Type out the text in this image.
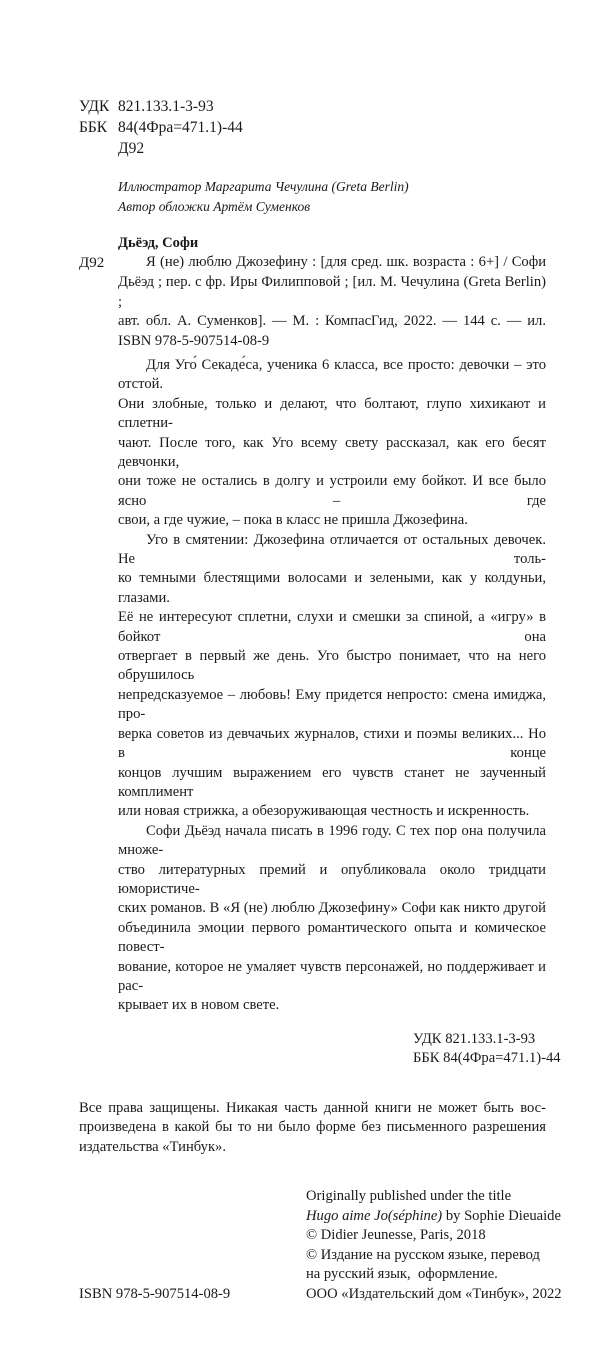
УДК 821.133.1-3-93
ББК 84(4Фра=471.1)-44
Д92
Иллюстратор Маргарита Чечулина (Greta Berlin)
Автор обложки Артём Суменков
Дьёэд, Софи
Д92	Я (не) люблю Джозефину : [для сред. шк. возраста : 6+] / Софи
Дьёэд ; пер. с фр. Иры Филипповой ; [ил. М. Чечулина (Greta Berlin) ;
авт. обл. А. Суменков]. — М. : КомпасГид, 2022. — 144 с. — ил.
ISBN 978-5-907514-08-9

Для Уго́ Секаде́са, ученика 6 класса, все просто: девочки – это отстой.
Они злобные, только и делают, что болтают, глупо хихикают и сплетни-
чают. После того, как Уго всему свету рассказал, как его бесят девчонки,
они тоже не остались в долгу и устроили ему бойкот. И все было ясно – где
свои, а где чужие, – пока в класс не пришла Джозефина.

Уго в смятении: Джозефина отличается от остальных девочек. Не толь-
ко темными блестящими волосами и зелеными, как у колдуньи, глазами.
Её не интересуют сплетни, слухи и смешки за спиной, а «игру» в бойкот она
отвергает в первый же день. Уго быстро понимает, что на него обрушилось
непредсказуемое – любовь! Ему придется непросто: смена имиджа, про-
верка советов из девчачьих журналов, стихи и поэмы великих... Но в конце
концов лучшим выражением его чувств станет не заученный комплимент
или новая стрижка, а обезоруживающая честность и искренность.

Софи Дьёэд начала писать в 1996 году. С тех пор она получила множе-
ство литературных премий и опубликовала около тридцати юмористиче-
ских романов. В «Я (не) люблю Джозефину» Софи как никто другой
объединила эмоции первого романтического опыта и комическое повест-
вование, которое не умаляет чувств персонажей, но поддерживает и рас-
крывает их в новом свете.

УДК 821.133.1-3-93
ББК 84(4Фра=471.1)-44
Все права защищены. Никакая часть данной книги не может быть вос-
произведена в какой бы то ни было форме без письменного разрешения
издательства «Тинбук».
ISBN 978-5-907514-08-9
Originally published under the title
Hugo aime Jo(séphine) by Sophie Dieuaide
© Didier Jeunesse, Paris, 2018
© Издание на русском языке, перевод
на русский язык,  оформление.
ООО «Издательский дом «Тинбук», 2022
